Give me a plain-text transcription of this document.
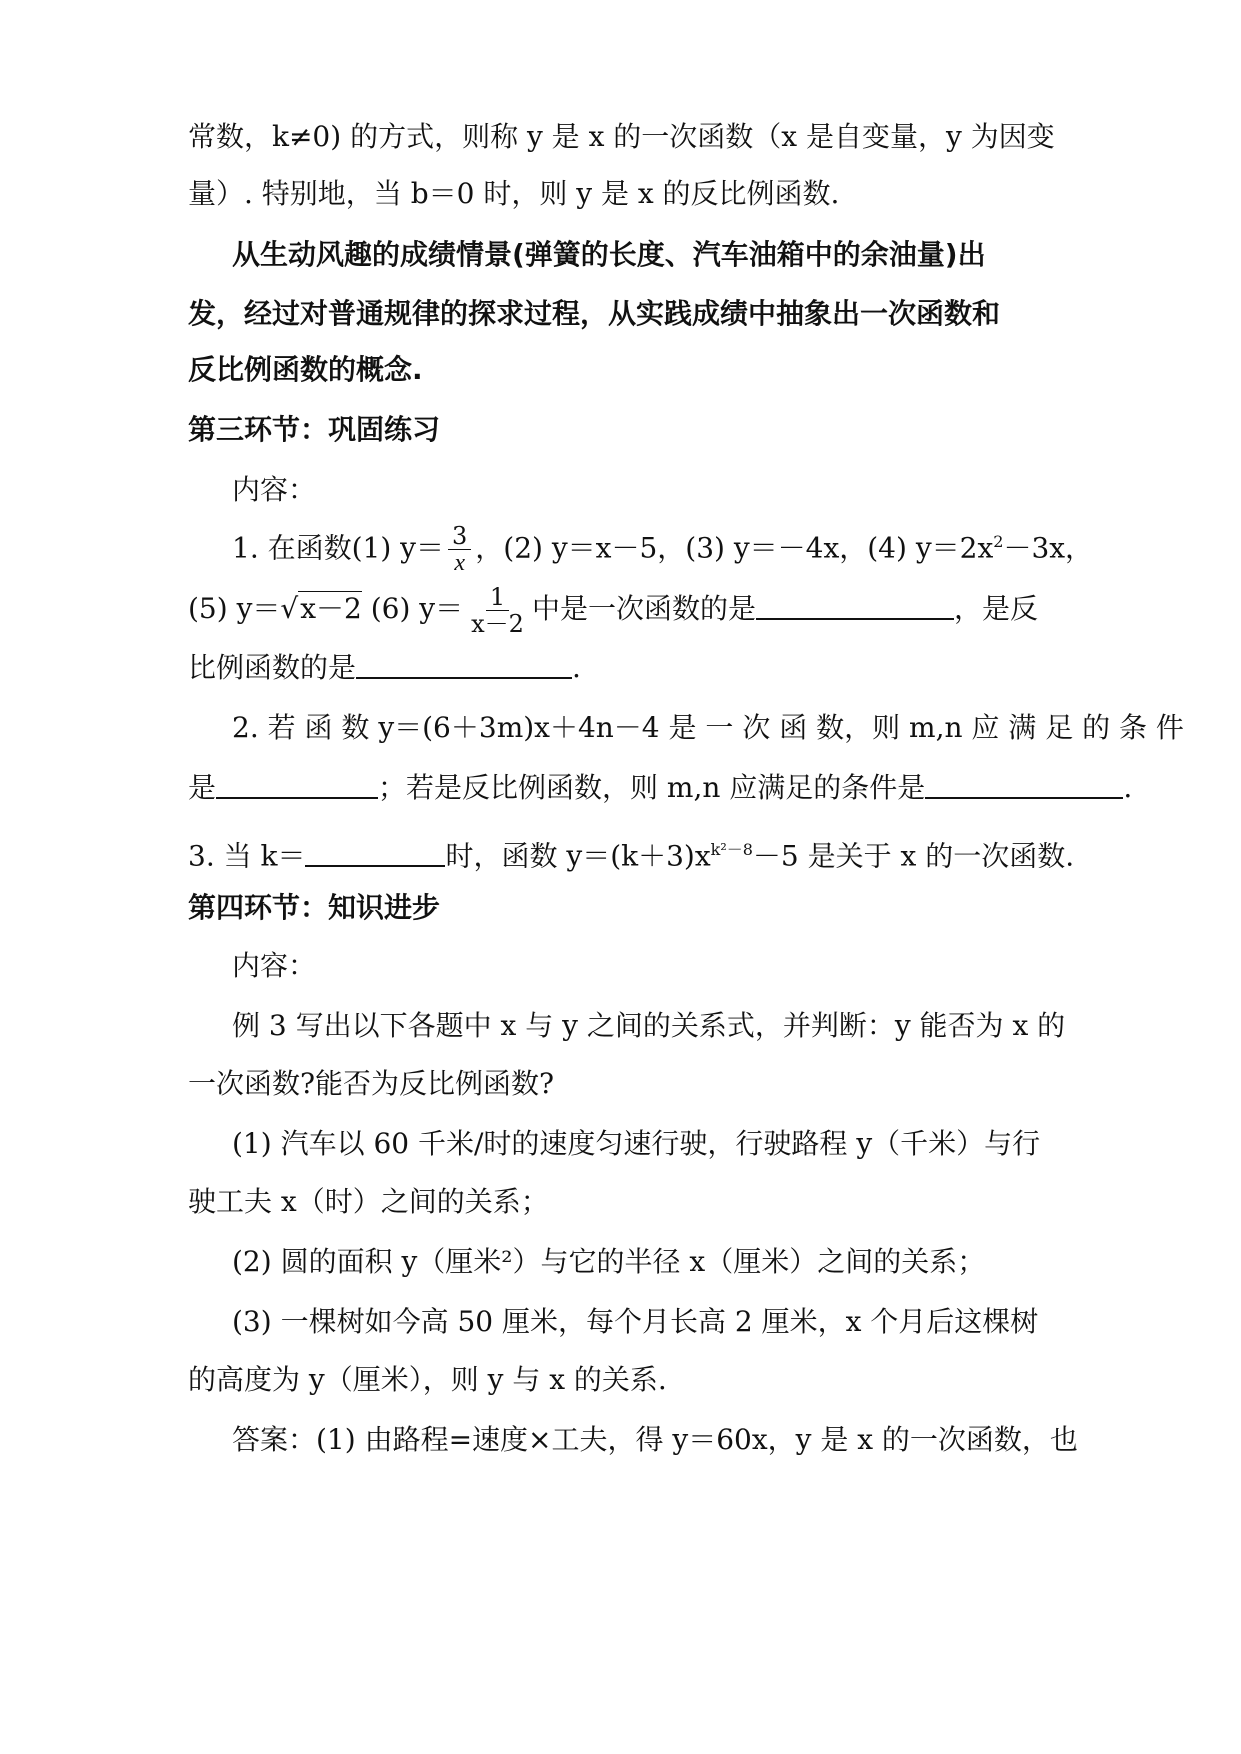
常数，k≠0) 的方式，则称 y 是 x 的一次函数（x 是自变量，y 为因变
量）. 特别地，当 b＝0 时，则 y 是 x 的反比例函数.
从生动风趣的成绩情景(弹簧的长度、汽车油箱中的余油量)出
发，经过对普通规律的探求过程，从实践成绩中抽象出一次函数和
反比例函数的概念.
第三环节：巩固练习
内容：
1. 在函数(1) $y= \frac{3}{x}$ ，(2) y＝x－5，(3) y＝－4x，(4) $y=2x^2-3x$，
(5) y＝√x－2 (6) $y= \frac{1}{x-2}$ 中是一次函数的是	，是反
比例函数的是	.
2. 若 函 数 y＝(6＋3m)x＋4n－4 是 一 次 函 数，则 m,n 应 满 足 的 条 件
是	；若是反比例函数，则 m,n 应满足的条件是	.
3. 当 k＝	时，函数 $y=(k+3)x^{k^2-8}-5$ 是关于 x 的一次函数.
第四环节：知识进步
内容：
例 3 写出以下各题中 x 与 y 之间的关系式，并判断：y 能否为 x 的
一次函数?能否为反比例函数?
(1) 汽车以 60 千米/时的速度匀速行驶，行驶路程 y（千米）与行
驶工夫 x（时）之间的关系；
(2) 圆的面积 y（厘米²）与它的半径 x（厘米）之间的关系；
(3) 一棵树如今高 50 厘米，每个月长高 2 厘米，x 个月后这棵树
的高度为 y（厘米），则 y 与 x 的关系.
答案：(1) 由路程=速度×工夫，得 y＝60x，y 是 x 的一次函数，也
